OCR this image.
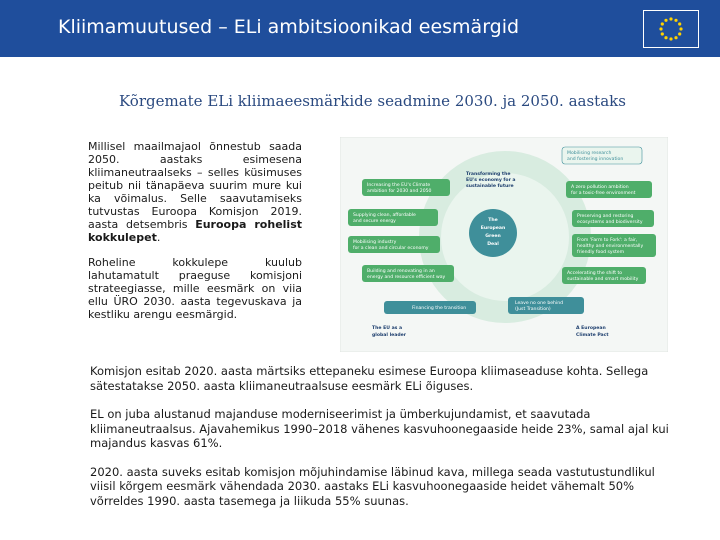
Kliimamuutused – ELi ambitsioonikad eesmärgid
Kõrgemate ELi kliimaeesmärkide seadmine 2030. ja 2050. aastaks

Millisel maailmajaol õnnestub saada 2050. aastaks esimesena kliimaneutraalseks – selles küsimuses peitub nii tänapäeva suurim mure kui ka võimalus. Selle saavutamiseks tutvustas Euroopa Komisjon 2019. aasta detsembris Euroopa rohelist kokkulepet.

Roheline kokkulepe kuulub lahutamatult praeguse komisjoni strateegiasse, mille eesmärk on viia ellu ÜRO 2030. aasta tegevuskava ja kestliku arengu eesmärgid.

The
European
Green
Deal
Transforming the
EU's economy for a
sustainable future
Increasing the EU's Climate
ambition for 2030 and 2050
Supplying clean, affordable
and secure energy
Mobilising industry
for a clean and circular economy
Building and renovating in an
energy and resource efficient way
Mobilising research
and fostering innovation
A zero pollution ambition
for a toxic-free environment
Preserving and restoring
ecosystems and biodiversity
From 'Farm to Fork': a fair,
healthy and environmentally
friendly food system
Accelerating the shift to
sustainable and smart mobility
Financing the transition
Leave no one behind
(Just Transition)
The EU as a
global leader
A European
Climate Pact

Komisjon esitab 2020. aasta märtsiks ettepaneku esimese Euroopa kliimaseaduse kohta. Sellega sätestatakse 2050. aasta kliimaneutraalsuse eesmärk ELi õiguses.

EL on juba alustanud majanduse moderniseerimist ja ümberkujundamist, et saavutada kliimaneutraalsus. Ajavahemikus 1990–2018 vähenes kasvuhoonegaaside heide 23%, samal ajal kui majandus kasvas 61%.

2020. aasta suveks esitab komisjon mõjuhindamise läbinud kava, millega seada vastutustundlikul viisil kõrgem eesmärk vähendada 2030. aastaks ELi kasvuhoonegaaside heidet vähemalt 50% võrreldes 1990. aasta tasemega ja liikuda 55% suunas.
